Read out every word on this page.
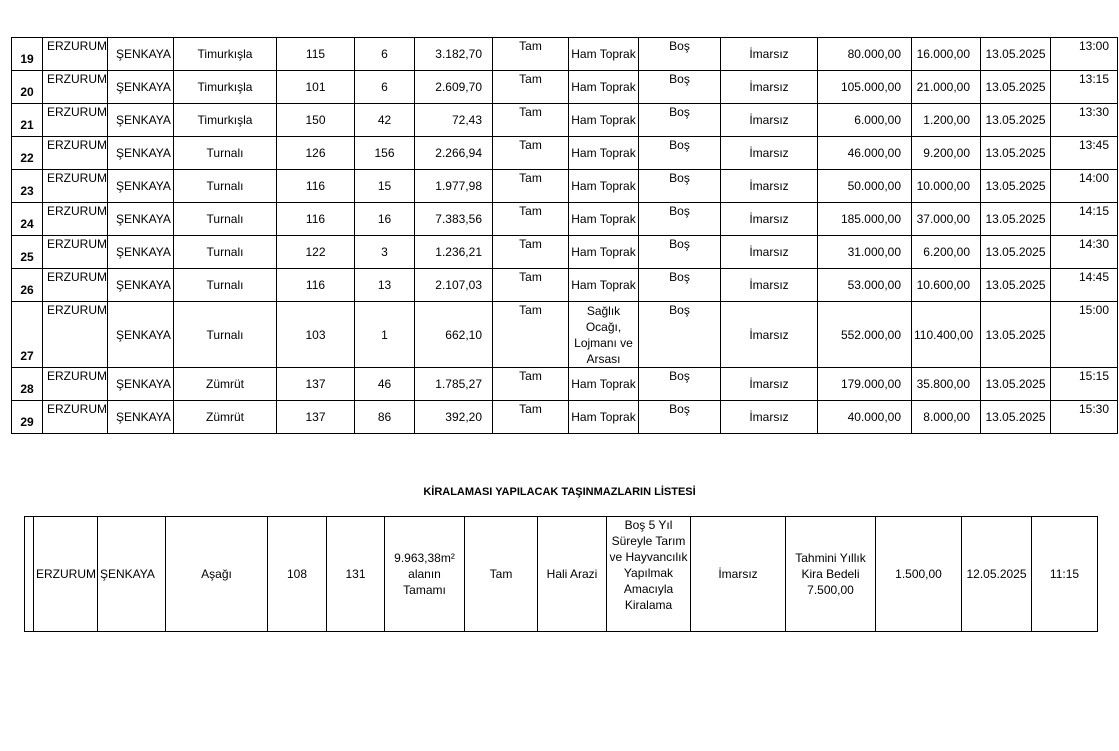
19	ERZURUM	ŞENKAYA	Timurkışla	115	6	3.182,70	Tam	Ham Toprak	Boş	İmarsız	80.000,00	16.000,00	13.05.2025	13:00
20	ERZURUM	ŞENKAYA	Timurkışla	101	6	2.609,70	Tam	Ham Toprak	Boş	İmarsız	105.000,00	21.000,00	13.05.2025	13:15
21	ERZURUM	ŞENKAYA	Timurkışla	150	42	72,43	Tam	Ham Toprak	Boş	İmarsız	6.000,00	1.200,00	13.05.2025	13:30
22	ERZURUM	ŞENKAYA	Turnalı	126	156	2.266,94	Tam	Ham Toprak	Boş	İmarsız	46.000,00	9.200,00	13.05.2025	13:45
23	ERZURUM	ŞENKAYA	Turnalı	116	15	1.977,98	Tam	Ham Toprak	Boş	İmarsız	50.000,00	10.000,00	13.05.2025	14:00
24	ERZURUM	ŞENKAYA	Turnalı	116	16	7.383,56	Tam	Ham Toprak	Boş	İmarsız	185.000,00	37.000,00	13.05.2025	14:15
25	ERZURUM	ŞENKAYA	Turnalı	122	3	1.236,21	Tam	Ham Toprak	Boş	İmarsız	31.000,00	6.200,00	13.05.2025	14:30
26	ERZURUM	ŞENKAYA	Turnalı	116	13	2.107,03	Tam	Ham Toprak	Boş	İmarsız	53.000,00	10.600,00	13.05.2025	14:45
27	ERZURUM	ŞENKAYA	Turnalı	103	1	662,10	Tam	Sağlık Ocağı, Lojmanı ve Arsası	Boş	İmarsız	552.000,00	110.400,00	13.05.2025	15:00
28	ERZURUM	ŞENKAYA	Zümrüt	137	46	1.785,27	Tam	Ham Toprak	Boş	İmarsız	179.000,00	35.800,00	13.05.2025	15:15
29	ERZURUM	ŞENKAYA	Zümrüt	137	86	392,20	Tam	Ham Toprak	Boş	İmarsız	40.000,00	8.000,00	13.05.2025	15:30
KİRALAMASI YAPILACAK TAŞINMAZLARIN LİSTESİ
	ERZURUM	ŞENKAYA	Aşağı	108	131	9.963,38m² alanın Tamamı	Tam	Hali Arazi	Boş 5 Yıl Süreyle Tarım ve Hayvancılık Yapılmak Amacıyla Kiralama	İmarsız	Tahmini Yıllık Kira Bedeli 7.500,00	1.500,00	12.05.2025	11:15
